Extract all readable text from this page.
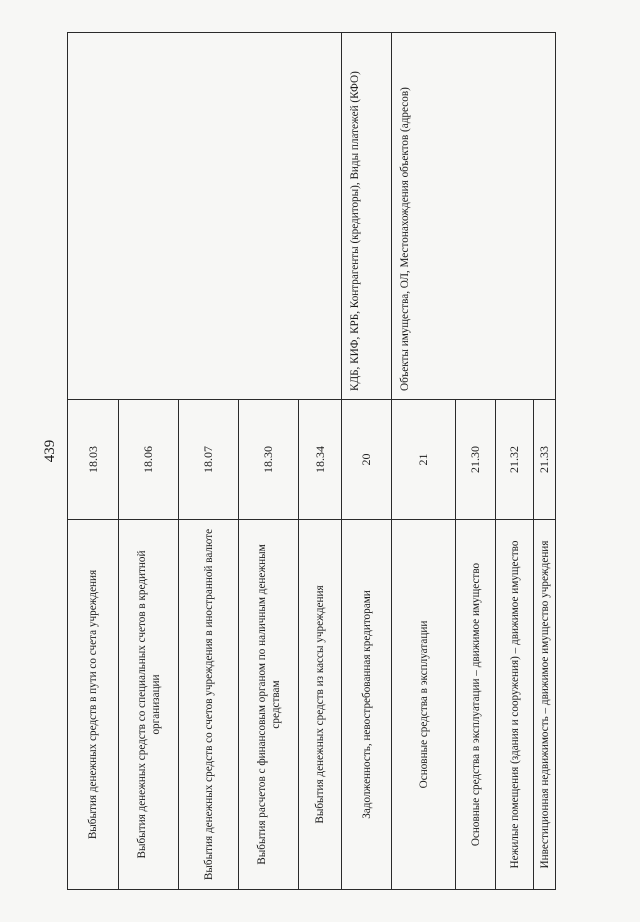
439
Выбытия денежных средств в пути со счета учреждения	18.03	
Выбытия денежных средств со специальных счетов в кредитной организации	18.06	
Выбытия денежных средств со счетов учреждения в иностранной валюте	18.07	
Выбытия расчетов с финансовым органом по наличным денежным средствам	18.30	
Выбытия денежных средств из кассы учреждения	18.34	
Задолженность, невостребованная кредиторами	20	КДБ, КИФ, КРБ, Контрагенты (кредиторы), Виды платежей (КФО)
Основные средства в эксплуатации	21	Объекты имущества, ОЛ, Местонахождения объектов (адресов)
Основные средства в эксплуатации – движимое имущество	21.30	
Нежилые помещения (здания и сооружения) – движимое имущество	21.32	
Инвестиционная недвижимость – движимое имущество учреждения	21.33	
